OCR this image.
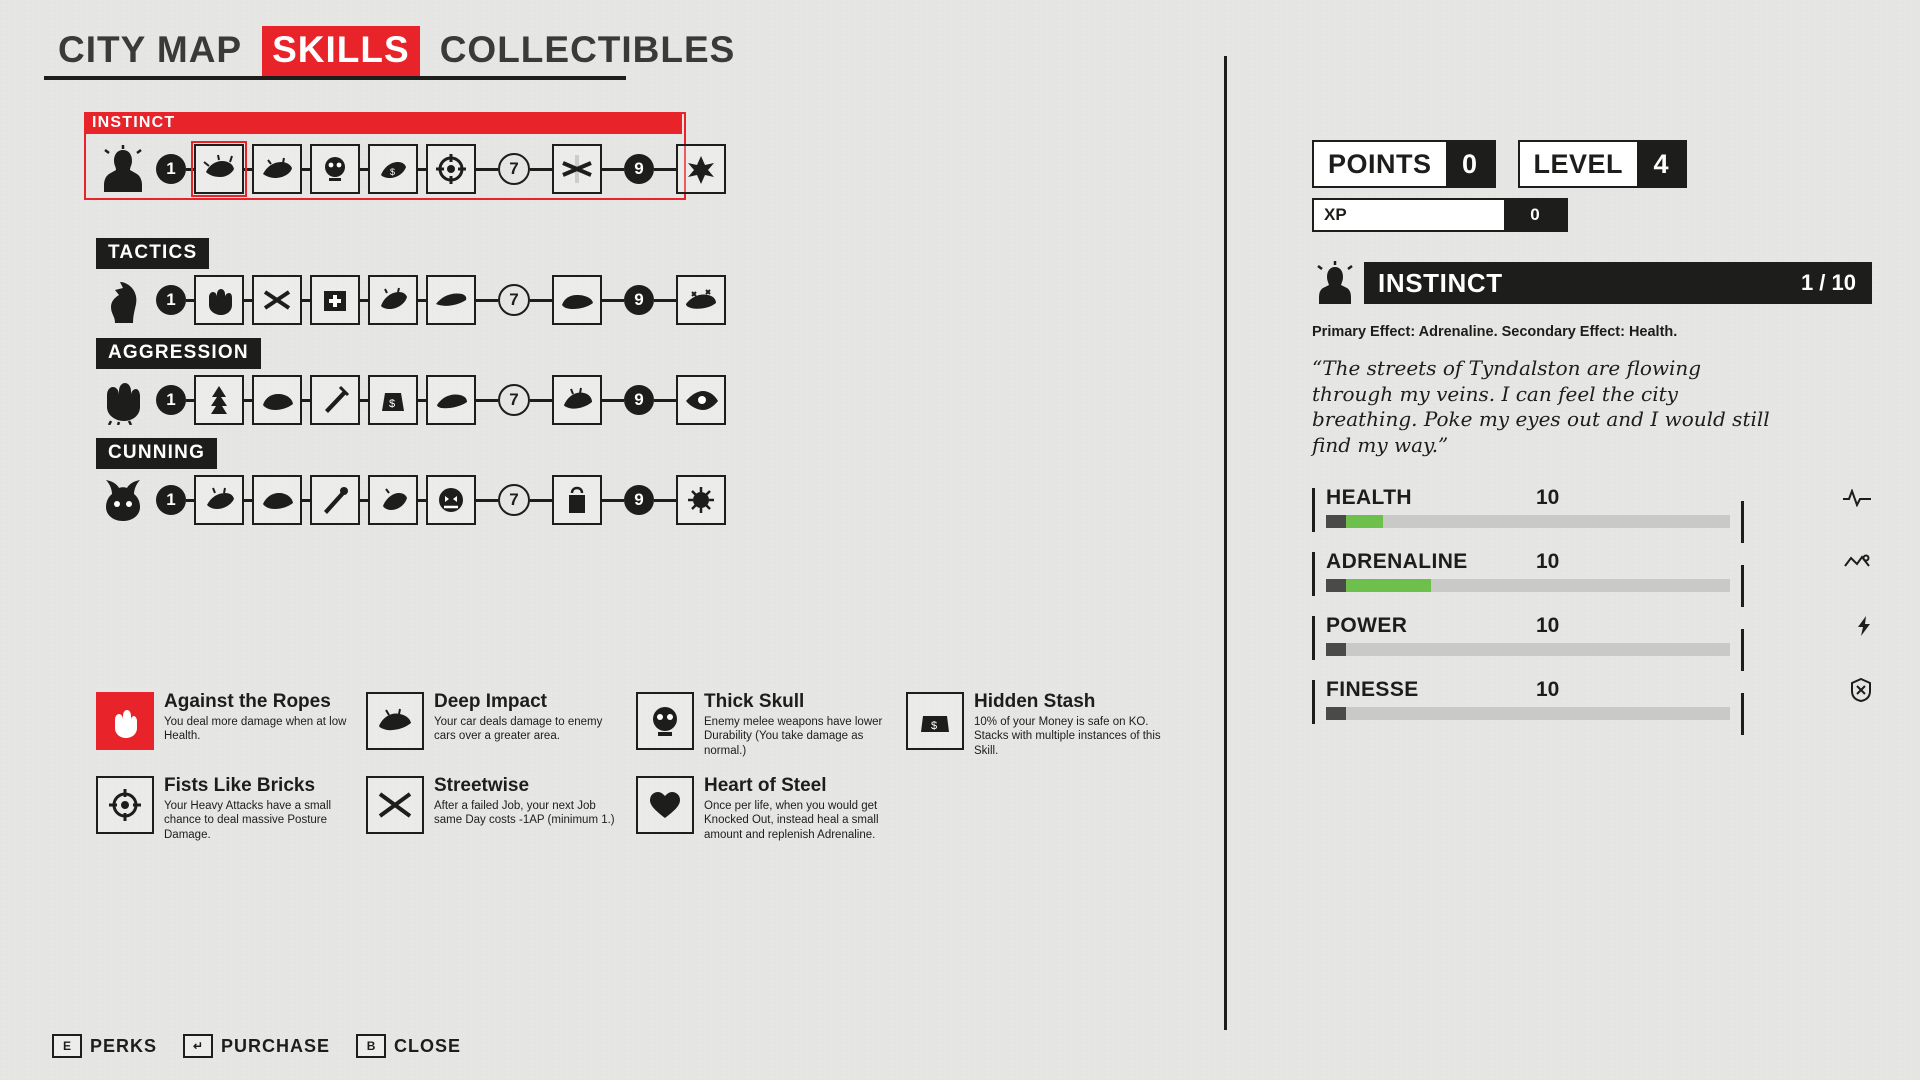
CITY MAP SKILLS COLLECTIBLES
INSTINCT
1	$	7	9
TACTICS
1	7	9
AGGRESSION
1	$	7	9
CUNNING
1	7	9
Against the Ropes
You deal more damage when at low Health.
Deep Impact
Your car deals damage to enemy cars over a greater area.
Thick Skull
Enemy melee weapons have lower Durability (You take damage as normal.)
$
Hidden Stash
10% of your Money is safe on KO. Stacks with multiple instances of this Skill.
Fists Like Bricks
Your Heavy Attacks have a small chance to deal massive Posture Damage.
Streetwise
After a failed Job, your next Job same Day costs -1AP (minimum 1.)
Heart of Steel
Once per life, when you would get Knocked Out, instead heal a small amount and replenish Adrenaline.
POINTS	0	LEVEL	4
XP	0
INSTINCT	1 / 10
Primary Effect: Adrenaline. Secondary Effect: Health.
“The streets of Tyndalston are flowing through my veins. I can feel the city breathing. Poke my eyes out and I would still find my way.”
HEALTH	10
ADRENALINE	10
POWER	10
FINESSE	10
E	PERKS	↵ PURCHASE	B	CLOSE
